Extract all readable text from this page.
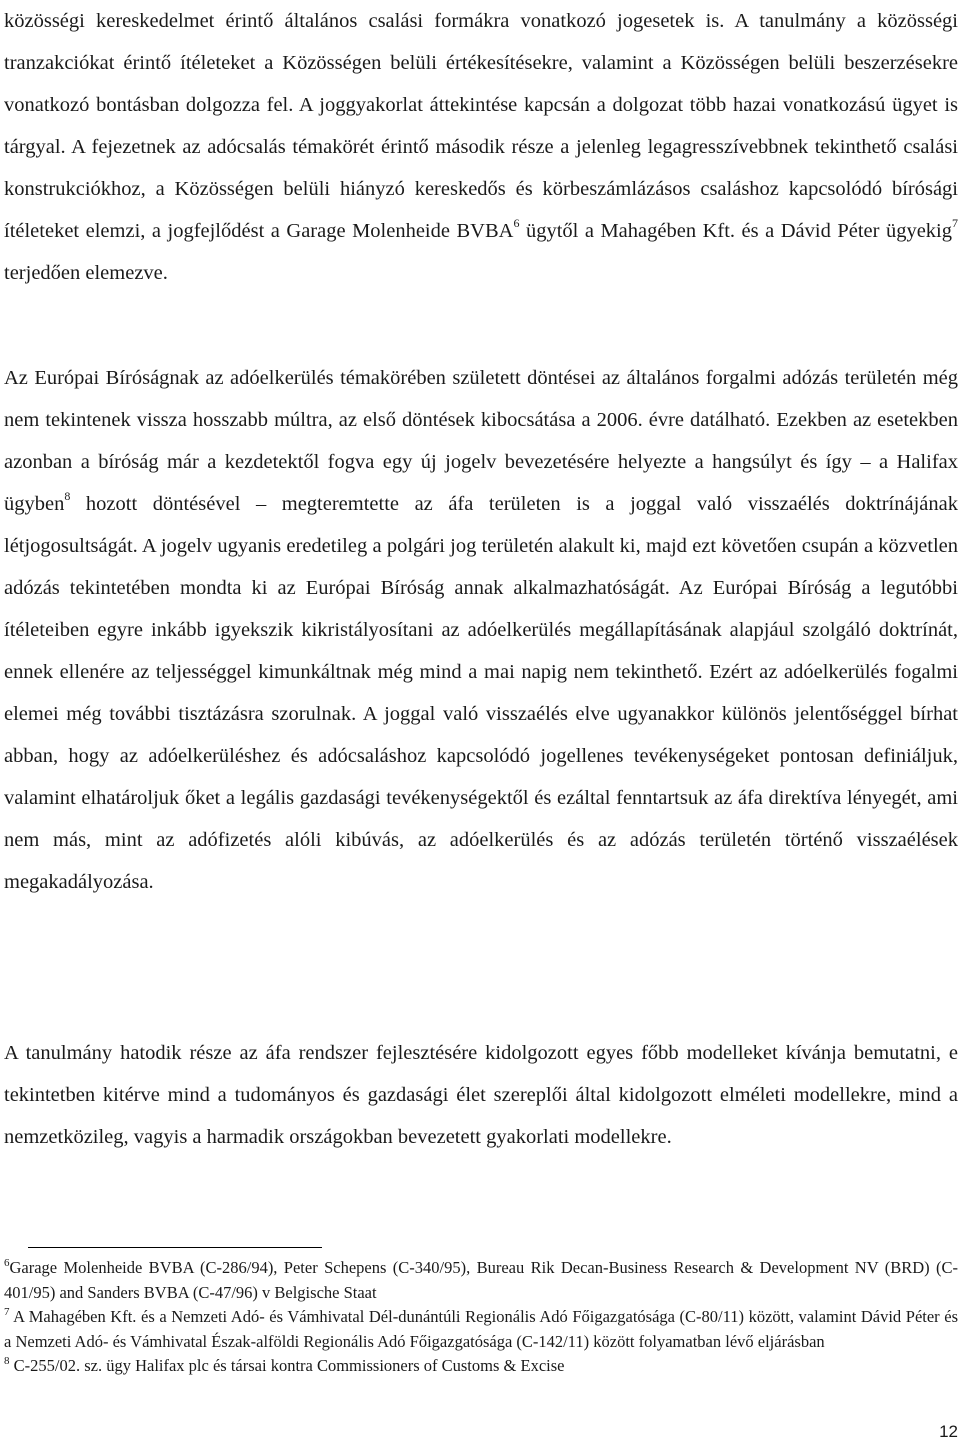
közösségi kereskedelmet érintő általános csalási formákra vonatkozó jogesetek is. A tanulmány a közösségi tranzakciókat érintő ítéleteket a Közösségen belüli értékesítésekre, valamint a Közösségen belüli beszerzésekre vonatkozó bontásban dolgozza fel. A joggyakorlat áttekintése kapcsán a dolgozat több hazai vonatkozású ügyet is tárgyal. A fejezetnek az adócsalás témakörét érintő második része a jelenleg legagresszívebbnek tekinthető csalási konstrukciókhoz, a Közösségen belüli hiányzó kereskedős és körbeszámlázásos csaláshoz kapcsolódó bírósági ítéleteket elemzi, a jogfejlődést a Garage Molenheide BVBA$^6$ ügytől a Mahagében Kft. és a Dávid Péter ügyekig$^7$ terjedően elemezve.

Az Európai Bíróságnak az adóelkerülés témakörében született döntései az általános forgalmi adózás területén még nem tekintenek vissza hosszabb múltra, az első döntések kibocsátása a 2006. évre datálható. Ezekben az esetekben azonban a bíróság már a kezdetektől fogva egy új jogelv bevezetésére helyezte a hangsúlyt és így – a Halifax ügyben$^8$ hozott döntésével – megteremtette az áfa területen is a joggal való visszaélés doktrínájának létjogosultságát. A jogelv ugyanis eredetileg a polgári jog területén alakult ki, majd ezt követően csupán a közvetlen adózás tekintetében mondta ki az Európai Bíróság annak alkalmazhatóságát. Az Európai Bíróság a legutóbbi ítéleteiben egyre inkább igyekszik kikristályosítani az adóelkerülés megállapításának alapjául szolgáló doktrínát, ennek ellenére az teljességgel kimunkáltnak még mind a mai napig nem tekinthető. Ezért az adóelkerülés fogalmi elemei még további tisztázásra szorulnak. A joggal való visszaélés elve ugyanakkor különös jelentőséggel bírhat abban, hogy az adóelkerüléshez és adócsaláshoz kapcsolódó jogellenes tevékenységeket pontosan definiáljuk, valamint elhatároljuk őket a legális gazdasági tevékenységektől és ezáltal fenntartsuk az áfa direktíva lényegét, ami nem más, mint az adófizetés alóli kibúvás, az adóelkerülés és az adózás területén történő visszaélések megakadályozása.

A tanulmány hatodik része az áfa rendszer fejlesztésére kidolgozott egyes főbb modelleket kívánja bemutatni, e tekintetben kitérve mind a tudományos és gazdasági élet szereplői által kidolgozott elméleti modellekre, mind a nemzetközileg, vagyis a harmadik országokban bevezetett gyakorlati modellekre.

$^6$Garage Molenheide BVBA (C-286/94), Peter Schepens (C-340/95), Bureau Rik Decan-Business Research & Development NV (BRD) (C-401/95) and Sanders BVBA (C-47/96) v Belgische Staat

$^7$ A Mahagében Kft. és a Nemzeti Adó- és Vámhivatal Dél-dunántúli Regionális Adó Főigazgatósága (C-80/11) között, valamint Dávid Péter és a Nemzeti Adó- és Vámhivatal Észak-alföldi Regionális Adó Főigazgatósága (C-142/11) között folyamatban lévő eljárásban

$^8$ C-255/02. sz. ügy Halifax plc és társai kontra Commissioners of Customs & Excise

12
